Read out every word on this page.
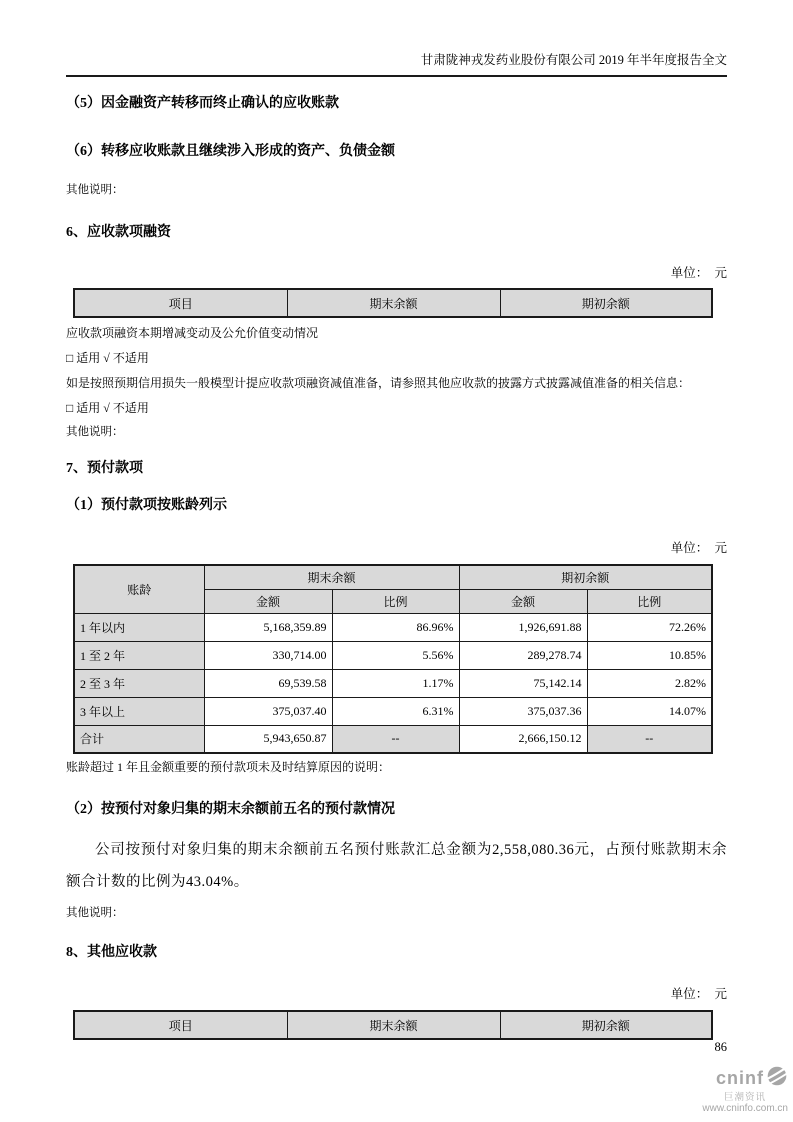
甘肃陇神戎发药业股份有限公司 2019 年半年度报告全文
（5）因金融资产转移而终止确认的应收账款
（6）转移应收账款且继续涉入形成的资产、负债金额
其他说明：
6、应收款项融资
单位：  元
项目	期末余额	期初余额
应收款项融资本期增减变动及公允价值变动情况
□ 适用 √ 不适用
如是按照预期信用损失一般模型计提应收款项融资减值准备，请参照其他应收款的披露方式披露减值准备的相关信息：
□ 适用 √ 不适用
其他说明：
7、预付款项
（1）预付款项按账龄列示
单位：  元
账龄	期末余额		期初余额	
	金额	比例	金额	比例
1 年以内	5,168,359.89	86.96%	1,926,691.88	72.26%
1 至 2 年	330,714.00	5.56%	289,278.74	10.85%
2 至 3 年	69,539.58	1.17%	75,142.14	2.82%
3 年以上	375,037.40	6.31%	375,037.36	14.07%
合计	5,943,650.87	--	2,666,150.12	--
账龄超过 1 年且金额重要的预付款项未及时结算原因的说明：
（2）按预付对象归集的期末余额前五名的预付款情况
公司按预付对象归集的期末余额前五名预付账款汇总金额为2,558,080.36元，占预付账款期末余额合计数的比例为43.04%。
其他说明：
8、其他应收款
单位：  元
项目	期末余额	期初余额
86
cninf
巨潮资讯
www.cninfo.com.cn
